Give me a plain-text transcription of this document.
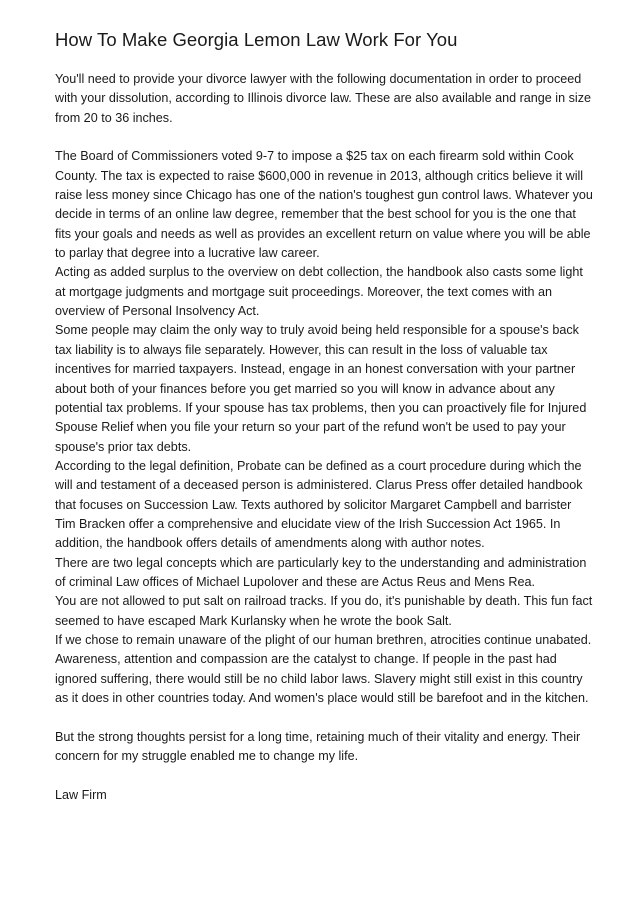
How To Make Georgia Lemon Law Work For You

You'll need to provide your divorce lawyer with the following documentation in order to proceed with your dissolution, according to Illinois divorce law. These are also available and range in size from 20 to 36 inches.

The Board of Commissioners voted 9-7 to impose a $25 tax on each firearm sold within Cook County. The tax is expected to raise $600,000 in revenue in 2013, although critics believe it will raise less money since Chicago has one of the nation's toughest gun control laws. Whatever you decide in terms of an online law degree, remember that the best school for you is the one that fits your goals and needs as well as provides an excellent return on value where you will be able to parlay that degree into a lucrative law career.

Acting as added surplus to the overview on debt collection, the handbook also casts some light at mortgage judgments and mortgage suit proceedings. Moreover, the text comes with an overview of Personal Insolvency Act.

Some people may claim the only way to truly avoid being held responsible for a spouse's back tax liability is to always file separately. However, this can result in the loss of valuable tax incentives for married taxpayers. Instead, engage in an honest conversation with your partner about both of your finances before you get married so you will know in advance about any potential tax problems. If your spouse has tax problems, then you can proactively file for Injured Spouse Relief when you file your return so your part of the refund won't be used to pay your spouse's prior tax debts.

According to the legal definition, Probate can be defined as a court procedure during which the will and testament of a deceased person is administered. Clarus Press offer detailed handbook that focuses on Succession Law. Texts authored by solicitor Margaret Campbell and barrister Tim Bracken offer a comprehensive and elucidate view of the Irish Succession Act 1965. In addition, the handbook offers details of amendments along with author notes.

There are two legal concepts which are particularly key to the understanding and administration of criminal Law offices of Michael Lupolover and these are Actus Reus and Mens Rea.

You are not allowed to put salt on railroad tracks. If you do, it's punishable by death. This fun fact seemed to have escaped Mark Kurlansky when he wrote the book Salt.

If we chose to remain unaware of the plight of our human brethren, atrocities continue unabated. Awareness, attention and compassion are the catalyst to change. If people in the past had ignored suffering, there would still be no child labor laws. Slavery might still exist in this country as it does in other countries today. And women's place would still be barefoot and in the kitchen.

But the strong thoughts persist for a long time, retaining much of their vitality and energy. Their concern for my struggle enabled me to change my life.

Law Firm
